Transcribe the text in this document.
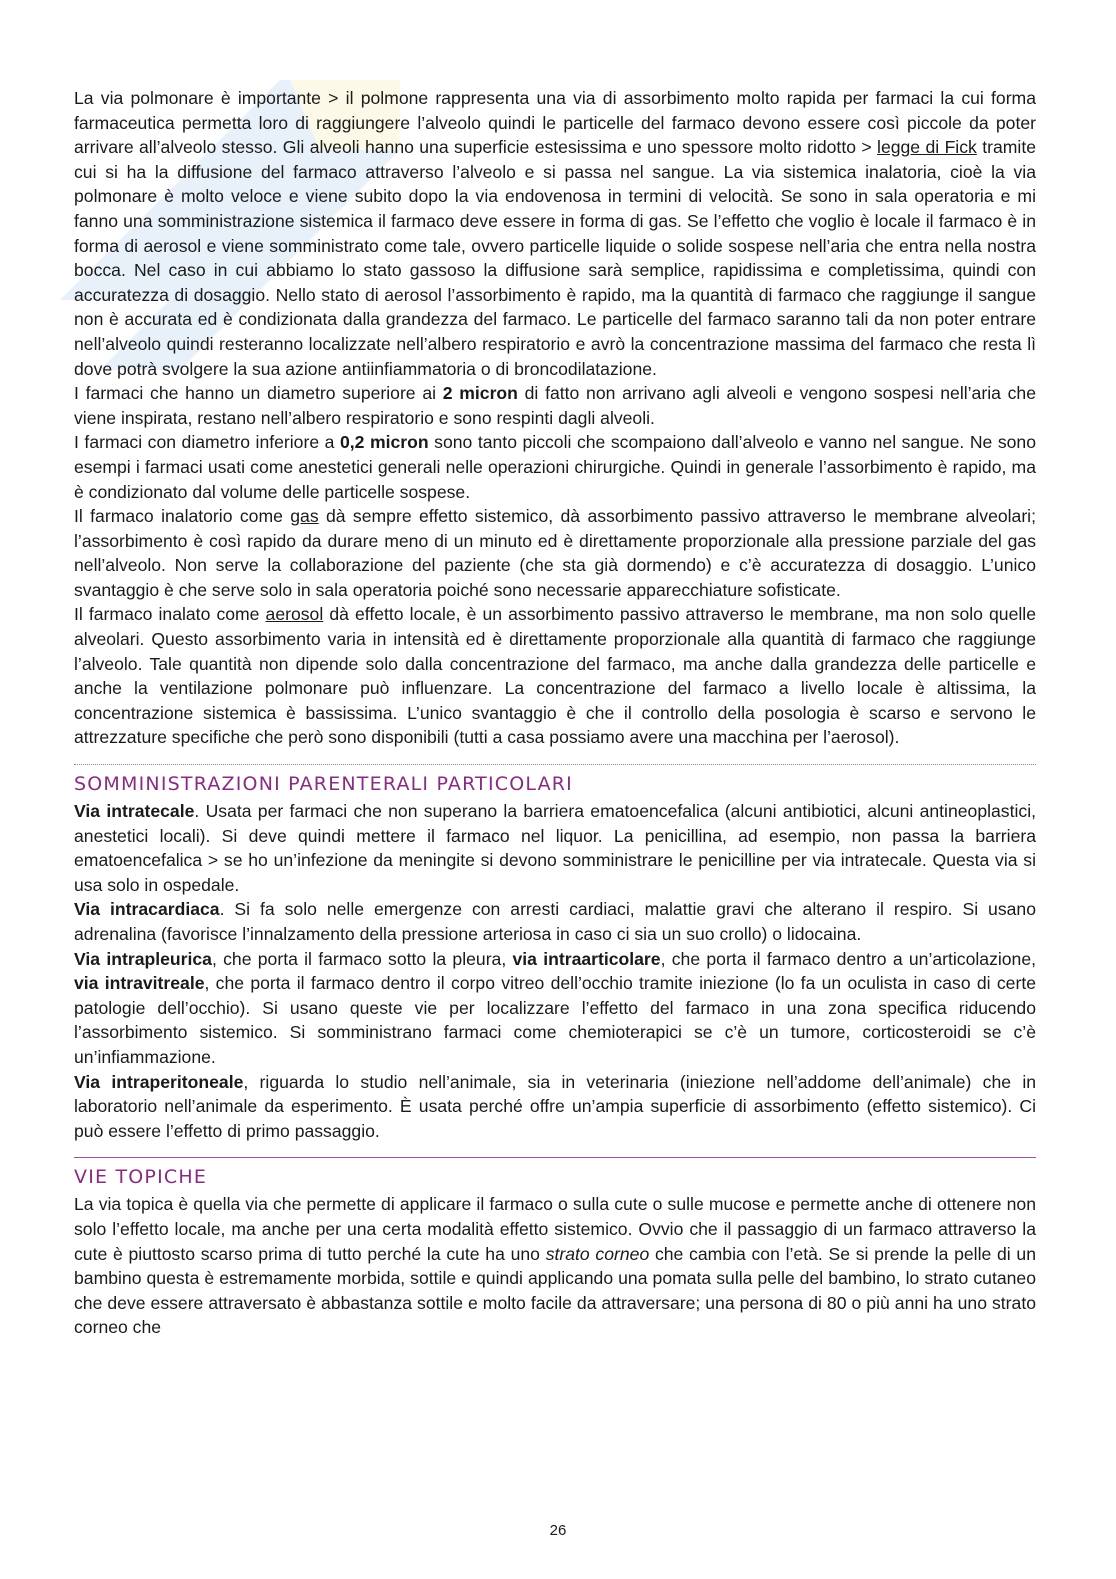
La via polmonare è importante > il polmone rappresenta una via di assorbimento molto rapida per farmaci la cui forma farmaceutica permetta loro di raggiungere l’alveolo quindi le particelle del farmaco devono essere così piccole da poter arrivare all’alveolo stesso. Gli alveoli hanno una superficie estesissima e uno spessore molto ridotto > legge di Fick tramite cui si ha la diffusione del farmaco attraverso l’alveolo e si passa nel sangue. La via sistemica inalatoria, cioè la via polmonare è molto veloce e viene subito dopo la via endovenosa in termini di velocità. Se sono in sala operatoria e mi fanno una somministrazione sistemica il farmaco deve essere in forma di gas. Se l’effetto che voglio è locale il farmaco è in forma di aerosol e viene somministrato come tale, ovvero particelle liquide o solide sospese nell’aria che entra nella nostra bocca. Nel caso in cui abbiamo lo stato gassoso la diffusione sarà semplice, rapidissima e completissima, quindi con accuratezza di dosaggio. Nello stato di aerosol l’assorbimento è rapido, ma la quantità di farmaco che raggiunge il sangue non è accurata ed è condizionata dalla grandezza del farmaco. Le particelle del farmaco saranno tali da non poter entrare nell’alveolo quindi resteranno localizzate nell’albero respiratorio e avrò la concentrazione massima del farmaco che resta lì dove potrà svolgere la sua azione antiinfiammatoria o di broncodilatazione.

I farmaci che hanno un diametro superiore ai 2 micron di fatto non arrivano agli alveoli e vengono sospesi nell’aria che viene inspirata, restano nell’albero respiratorio e sono respinti dagli alveoli.

I farmaci con diametro inferiore a 0,2 micron sono tanto piccoli che scompaiono dall’alveolo e vanno nel sangue. Ne sono esempi i farmaci usati come anestetici generali nelle operazioni chirurgiche. Quindi in generale l’assorbimento è rapido, ma è condizionato dal volume delle particelle sospese.

Il farmaco inalatorio come gas dà sempre effetto sistemico, dà assorbimento passivo attraverso le membrane alveolari; l’assorbimento è così rapido da durare meno di un minuto ed è direttamente proporzionale alla pressione parziale del gas nell’alveolo. Non serve la collaborazione del paziente (che sta già dormendo) e c’è accuratezza di dosaggio. L’unico svantaggio è che serve solo in sala operatoria poiché sono necessarie apparecchiature sofisticate.

Il farmaco inalato come aerosol dà effetto locale, è un assorbimento passivo attraverso le membrane, ma non solo quelle alveolari. Questo assorbimento varia in intensità ed è direttamente proporzionale alla quantità di farmaco che raggiunge l’alveolo. Tale quantità non dipende solo dalla concentrazione del farmaco, ma anche dalla grandezza delle particelle e anche la ventilazione polmonare può influenzare. La concentrazione del farmaco a livello locale è altissima, la concentrazione sistemica è bassissima. L’unico svantaggio è che il controllo della posologia è scarso e servono le attrezzature specifiche che però sono disponibili (tutti a casa possiamo avere una macchina per l’aerosol).

SOMMINISTRAZIONI PARENTERALI PARTICOLARI

Via intratecale. Usata per farmaci che non superano la barriera ematoencefalica (alcuni antibiotici, alcuni antineoplastici, anestetici locali). Si deve quindi mettere il farmaco nel liquor. La penicillina, ad esempio, non passa la barriera ematoencefalica > se ho un’infezione da meningite si devono somministrare le penicilline per via intratecale. Questa via si usa solo in ospedale.

Via intracardiaca. Si fa solo nelle emergenze con arresti cardiaci, malattie gravi che alterano il respiro. Si usano adrenalina (favorisce l’innalzamento della pressione arteriosa in caso ci sia un suo crollo) o lidocaina.

Via intrapleurica, che porta il farmaco sotto la pleura, via intraarticolare, che porta il farmaco dentro a un’articolazione, via intravitreale, che porta il farmaco dentro il corpo vitreo dell’occhio tramite iniezione (lo fa un oculista in caso di certe patologie dell’occhio). Si usano queste vie per localizzare l’effetto del farmaco in una zona specifica riducendo l’assorbimento sistemico. Si somministrano farmaci come chemioterapici se c’è un tumore, corticosteroidi se c’è un’infiammazione.

Via intraperitoneale, riguarda lo studio nell’animale, sia in veterinaria (iniezione nell’addome dell’animale) che in laboratorio nell’animale da esperimento. È usata perché offre un’ampia superficie di assorbimento (effetto sistemico). Ci può essere l’effetto di primo passaggio.

VIE TOPICHE

La via topica è quella via che permette di applicare il farmaco o sulla cute o sulle mucose e permette anche di ottenere non solo l’effetto locale, ma anche per una certa modalità effetto sistemico. Ovvio che il passaggio di un farmaco attraverso la cute è piuttosto scarso prima di tutto perché la cute ha uno strato corneo che cambia con l’età. Se si prende la pelle di un bambino questa è estremamente morbida, sottile e quindi applicando una pomata sulla pelle del bambino, lo strato cutaneo che deve essere attraversato è abbastanza sottile e molto facile da attraversare; una persona di 80 o più anni ha uno strato corneo che

26
